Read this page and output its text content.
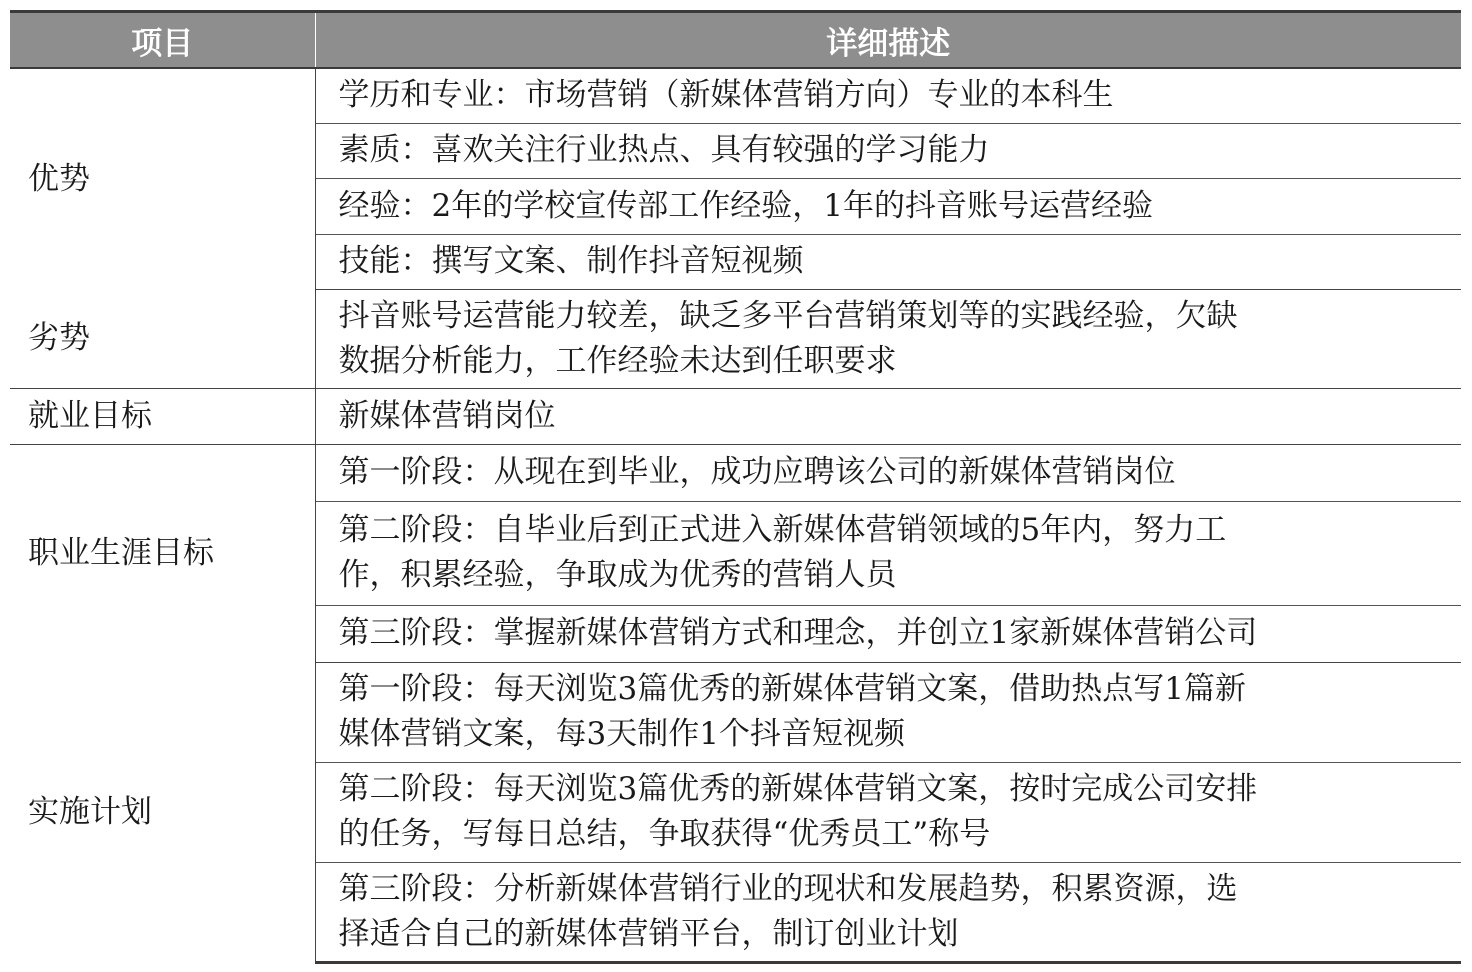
项目	详细描述
优势	学历和专业：市场营销（新媒体营销方向）专业的本科生

	素质：喜欢关注行业热点、具有较强的学习能力

	经验：2年的学校宣传部工作经验，1年的抖音账号运营经验

	技能：撰写文案、制作抖音短视频

劣势	抖音账号运营能力较差，缺乏多平台营销策划等的实践经验，欠缺
数据分析能力，工作经验未达到任职要求

就业目标	新媒体营销岗位

职业生涯目标	第一阶段：从现在到毕业，成功应聘该公司的新媒体营销岗位

	第二阶段：自毕业后到正式进入新媒体营销领域的5年内，努力工
作，积累经验，争取成为优秀的营销人员

	第三阶段：掌握新媒体营销方式和理念，并创立1家新媒体营销公司

实施计划	第一阶段：每天浏览3篇优秀的新媒体营销文案，借助热点写1篇新
媒体营销文案，每3天制作1个抖音短视频

	第二阶段：每天浏览3篇优秀的新媒体营销文案，按时完成公司安排
的任务，写每日总结，争取获得“优秀员工”称号

	第三阶段：分析新媒体营销行业的现状和发展趋势，积累资源，选
择适合自己的新媒体营销平台，制订创业计划
